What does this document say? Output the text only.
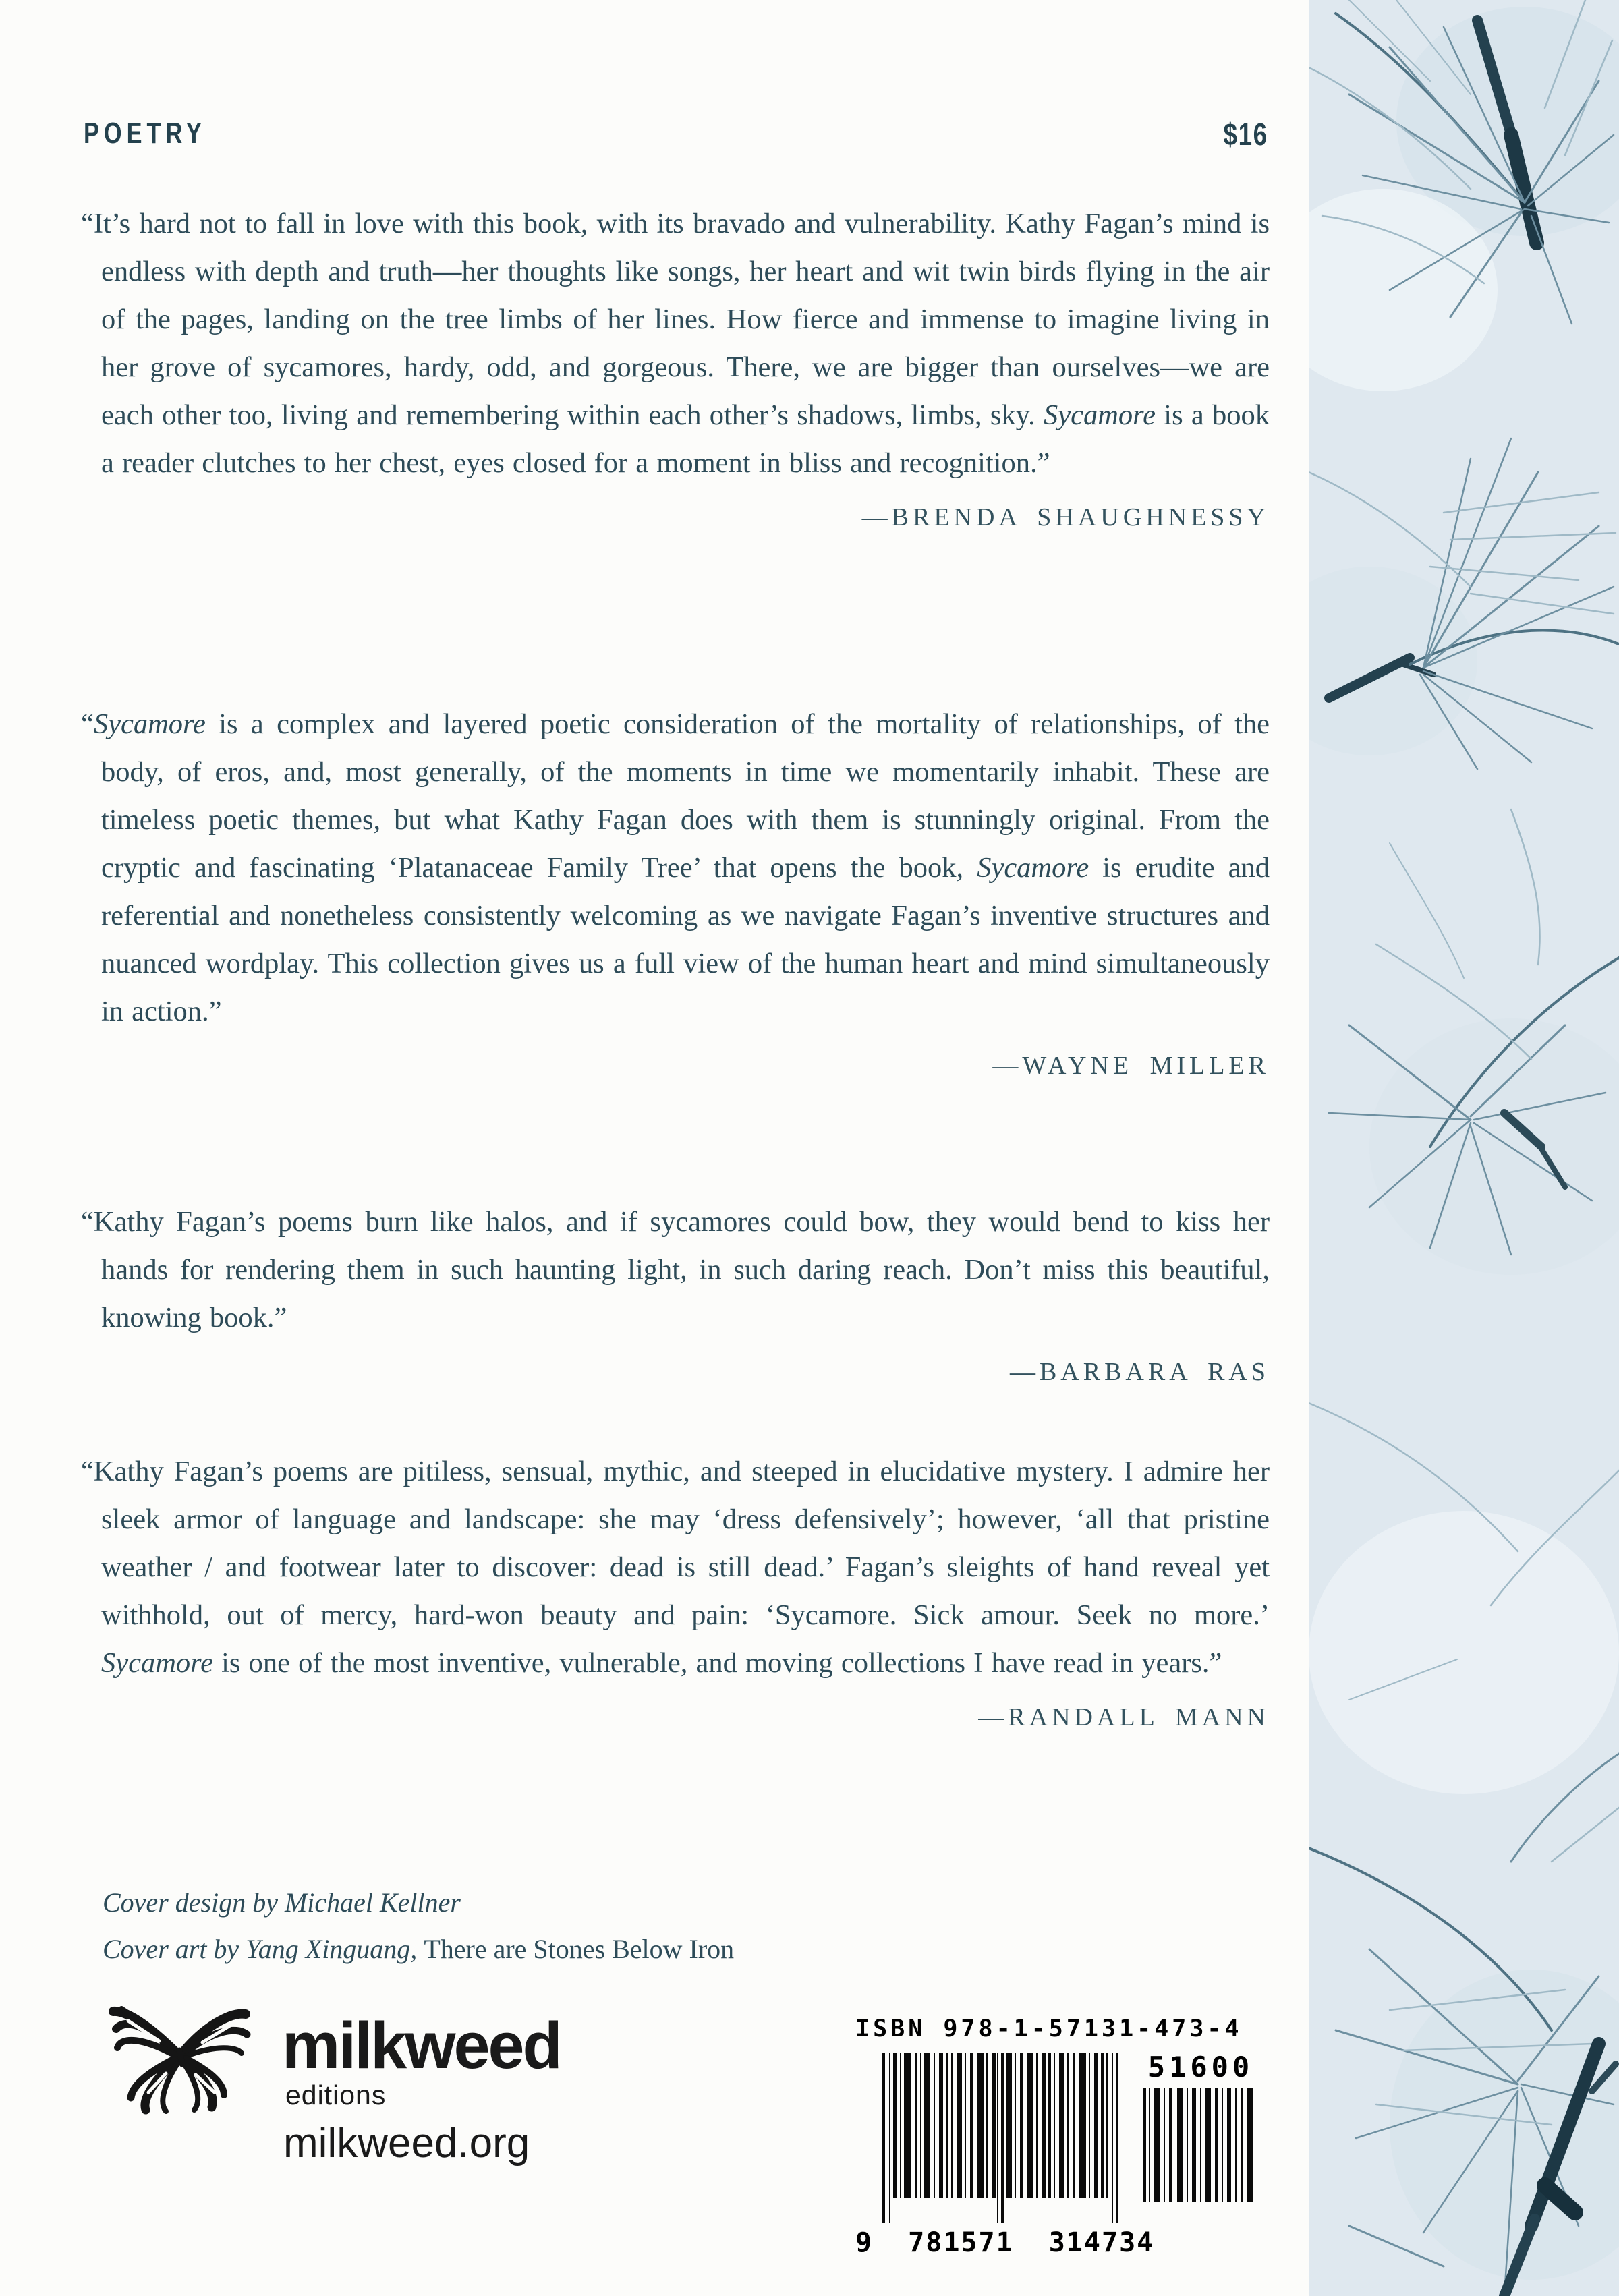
POETRY	$16
“It’s hard not to fall in love with this book, with its bravado and vulnerability. Kathy Fagan’s mind is endless with depth and truth—her thoughts like songs, her heart and wit twin birds flying in the air of the pages, landing on the tree limbs of her lines. How fierce and immense to imagine living in her grove of sycamores, hardy, odd, and gorgeous. There, we are bigger than ourselves—we are each other too, living and remembering within each other’s shadows, limbs, sky. Sycamore is a book a reader clutches to her chest, eyes closed for a moment in bliss and recognition.”
—BRENDA SHAUGHNESSY
“Sycamore is a complex and layered poetic consideration of the mortality of relationships, of the body, of eros, and, most generally, of the moments in time we momentarily inhabit. These are timeless poetic themes, but what Kathy Fagan does with them is stunningly original. From the cryptic and fascinating ‘Platanaceae Family Tree’ that opens the book, Sycamore is erudite and referential and nonetheless consistently welcoming as we navigate Fagan’s inventive structures and nuanced wordplay. This collection gives us a full view of the human heart and mind simultaneously in action.”
—WAYNE MILLER
“Kathy Fagan’s poems burn like halos, and if sycamores could bow, they would bend to kiss her hands for rendering them in such haunting light, in such daring reach. Don’t miss this beautiful, knowing book.”
—BARBARA RAS
“Kathy Fagan’s poems are pitiless, sensual, mythic, and steeped in elucidative mystery. I admire her sleek armor of language and landscape: she may ‘dress defensively’; however, ‘all that pristine weather / and footwear later to discover: dead is still dead.’ Fagan’s sleights of hand reveal yet withhold, out of mercy, hard-won beauty and pain: ‘Sycamore. Sick amour. Seek no more.’ Sycamore is one of the most inventive, vulnerable, and moving collections I have read in years.”
—RANDALL MANN
Cover design by Michael Kellner
Cover art by Yang Xinguang, There are Stones Below Iron
milkweed
editions
milkweed.org
ISBN 978-1-57131-473-4
9 781571 314734
51600
